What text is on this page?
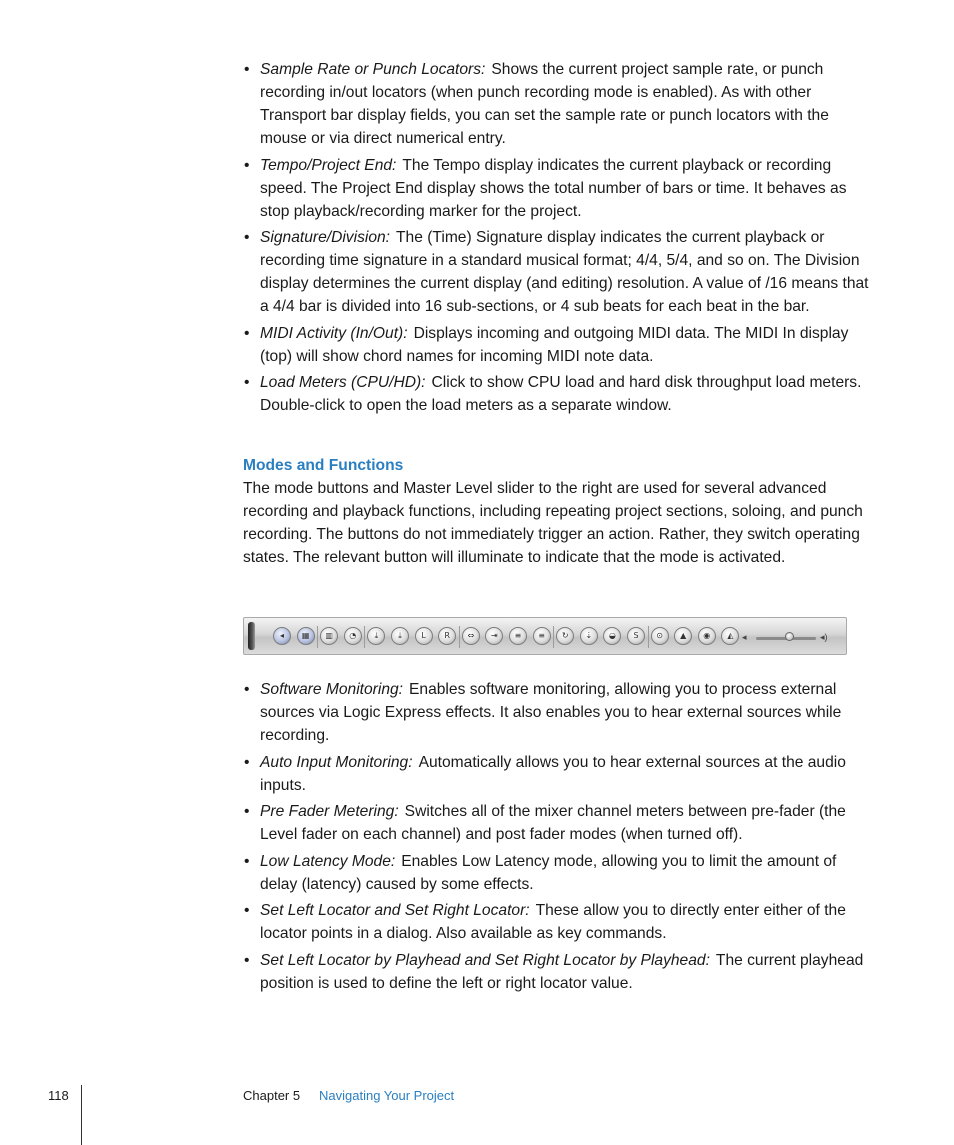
• Sample Rate or Punch Locators: Shows the current project sample rate, or punch recording in/out locators (when punch recording mode is enabled). As with other Transport bar display fields, you can set the sample rate or punch locators with the mouse or via direct numerical entry.
• Tempo/Project End: The Tempo display indicates the current playback or recording speed. The Project End display shows the total number of bars or time. It behaves as stop playback/recording marker for the project.
• Signature/Division: The (Time) Signature display indicates the current playback or recording time signature in a standard musical format; 4/4, 5/4, and so on. The Division display determines the current display (and editing) resolution. A value of /16 means that a 4/4 bar is divided into 16 sub-sections, or 4 sub beats for each beat in the bar.
• MIDI Activity (In/Out): Displays incoming and outgoing MIDI data. The MIDI In display (top) will show chord names for incoming MIDI note data.
• Load Meters (CPU/HD): Click to show CPU load and hard disk throughput load meters. Double-click to open the load meters as a separate window.
Modes and Functions

The mode buttons and Master Level slider to the right are used for several advanced recording and playback functions, including repeating project sections, soloing, and punch recording. The buttons do not immediately trigger an action. Rather, they switch operating states. The relevant button will illuminate to indicate that the mode is activated.

◂	◂)
◂	▦	▥	◔	⤓	⤓	L	R	⇔	⇥	≡	≡	↻	⇣	◒	S	⊙	▲	◉	◭
• Software Monitoring: Enables software monitoring, allowing you to process external sources via Logic Express effects. It also enables you to hear external sources while recording.
• Auto Input Monitoring: Automatically allows you to hear external sources at the audio inputs.
• Pre Fader Metering: Switches all of the mixer channel meters between pre-fader (the Level fader on each channel) and post fader modes (when turned off).
• Low Latency Mode: Enables Low Latency mode, allowing you to limit the amount of delay (latency) caused by some effects.
• Set Left Locator and Set Right Locator: These allow you to directly enter either of the locator points in a dialog. Also available as key commands.
• Set Left Locator by Playhead and Set Right Locator by Playhead: The current playhead position is used to define the left or right locator value.
118	Chapter 5 Navigating Your Project
